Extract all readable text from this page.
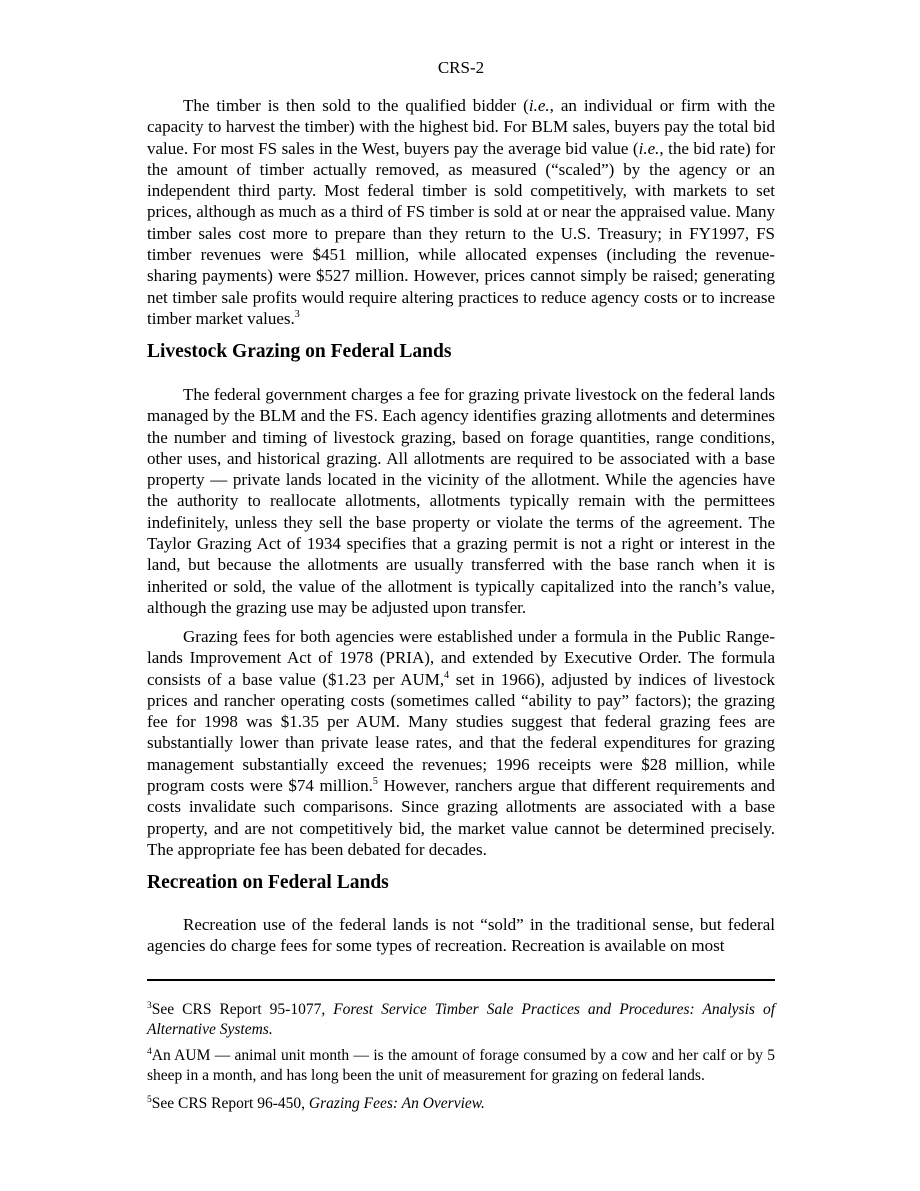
CRS-2

The timber is then sold to the qualified bidder (i.e., an individual or firm with the capacity to harvest the timber) with the highest bid. For BLM sales, buyers pay the total bid value. For most FS sales in the West, buyers pay the average bid value (i.e., the bid rate) for the amount of timber actually removed, as measured (“scaled”) by the agency or an independent third party. Most federal timber is sold competitively, with markets to set prices, although as much as a third of FS timber is sold at or near the appraised value. Many timber sales cost more to prepare than they return to the U.S. Treasury; in FY1997, FS timber revenues were $451 million, while allocated expenses (including the revenue-sharing payments) were $527 million. However, prices cannot simply be raised; generating net timber sale profits would require altering practices to reduce agency costs or to increase timber market values.$^3$

Livestock Grazing on Federal Lands

The federal government charges a fee for grazing private livestock on the federal lands managed by the BLM and the FS. Each agency identifies grazing allotments and determines the number and timing of livestock grazing, based on forage quantities, range conditions, other uses, and historical grazing. All allotments are required to be associated with a base property — private lands located in the vicinity of the allotment. While the agencies have the authority to reallocate allotments, allotments typically remain with the permittees indefinitely, unless they sell the base property or violate the terms of the agreement. The Taylor Grazing Act of 1934 specifies that a grazing permit is not a right or interest in the land, but because the allotments are usually transferred with the base ranch when it is inherited or sold, the value of the allotment is typically capitalized into the ranch’s value, although the grazing use may be adjusted upon transfer.

Grazing fees for both agencies were established under a formula in the Public Rangelands Improvement Act of 1978 (PRIA), and extended by Executive Order. The formula consists of a base value ($1.23 per AUM,$^4$ set in 1966), adjusted by indices of livestock prices and rancher operating costs (sometimes called “ability to pay” factors); the grazing fee for 1998 was $1.35 per AUM. Many studies suggest that federal grazing fees are substantially lower than private lease rates, and that the federal expenditures for grazing management substantially exceed the revenues; 1996 receipts were $28 million, while program costs were $74 million.$^5$ However, ranchers argue that different requirements and costs invalidate such comparisons. Since grazing allotments are associated with a base property, and are not competitively bid, the market value cannot be determined precisely. The appropriate fee has been debated for decades.

Recreation on Federal Lands

Recreation use of the federal lands is not “sold” in the traditional sense, but federal agencies do charge fees for some types of recreation. Recreation is available on most

$^3$See CRS Report 95-1077, Forest Service Timber Sale Practices and Procedures: Analysis of Alternative Systems.

$^4$An AUM — animal unit month — is the amount of forage consumed by a cow and her calf or by 5 sheep in a month, and has long been the unit of measurement for grazing on federal lands.

$^5$See CRS Report 96-450, Grazing Fees: An Overview.
